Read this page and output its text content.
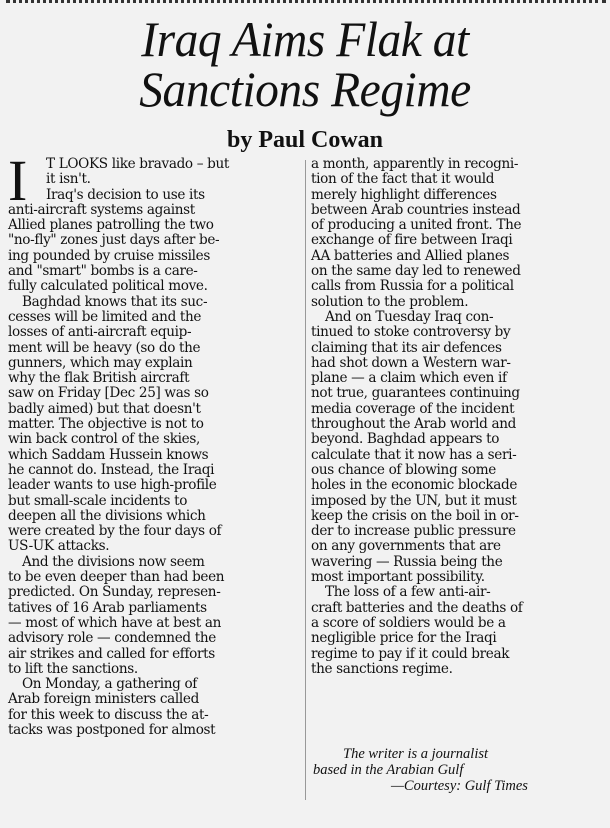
Iraq Aims Flak at
Sanctions Regime
by Paul Cowan
I	T LOOKS like bravado – but
it isn't.
Iraq's decision to use its
anti-aircraft systems against
Allied planes patrolling the two
"no-fly" zones just days after be-
ing pounded by cruise missiles
and "smart" bombs is a care-
fully calculated political move.
Baghdad knows that its suc-
cesses will be limited and the
losses of anti-aircraft equip-
ment will be heavy (so do the
gunners, which may explain
why the flak British aircraft
saw on Friday [Dec 25] was so
badly aimed) but that doesn't
matter. The objective is not to
win back control of the skies,
which Saddam Hussein knows
he cannot do. Instead, the Iraqi
leader wants to use high-profile
but small-scale incidents to
deepen all the divisions which
were created by the four days of
US-UK attacks.
And the divisions now seem
to be even deeper than had been
predicted. On Sunday, represen-
tatives of 16 Arab parliaments
— most of which have at best an
advisory role — condemned the
air strikes and called for efforts
to lift the sanctions.
On Monday, a gathering of
Arab foreign ministers called
for this week to discuss the at-
tacks was postponed for almost
a month, apparently in recogni-
tion of the fact that it would
merely highlight differences
between Arab countries instead
of producing a united front. The
exchange of fire between Iraqi
AA batteries and Allied planes
on the same day led to renewed
calls from Russia for a political
solution to the problem.
And on Tuesday Iraq con-
tinued to stoke controversy by
claiming that its air defences
had shot down a Western war-
plane — a claim which even if
not true, guarantees continuing
media coverage of the incident
throughout the Arab world and
beyond. Baghdad appears to
calculate that it now has a seri-
ous chance of blowing some
holes in the economic blockade
imposed by the UN, but it must
keep the crisis on the boil in or-
der to increase public pressure
on any governments that are
wavering — Russia being the
most important possibility.
The loss of a few anti-air-
craft batteries and the deaths of
a score of soldiers would be a
negligible price for the Iraqi
regime to pay if it could break
the sanctions regime.
The writer is a journalist
based in the Arabian Gulf
—Courtesy: Gulf Times
